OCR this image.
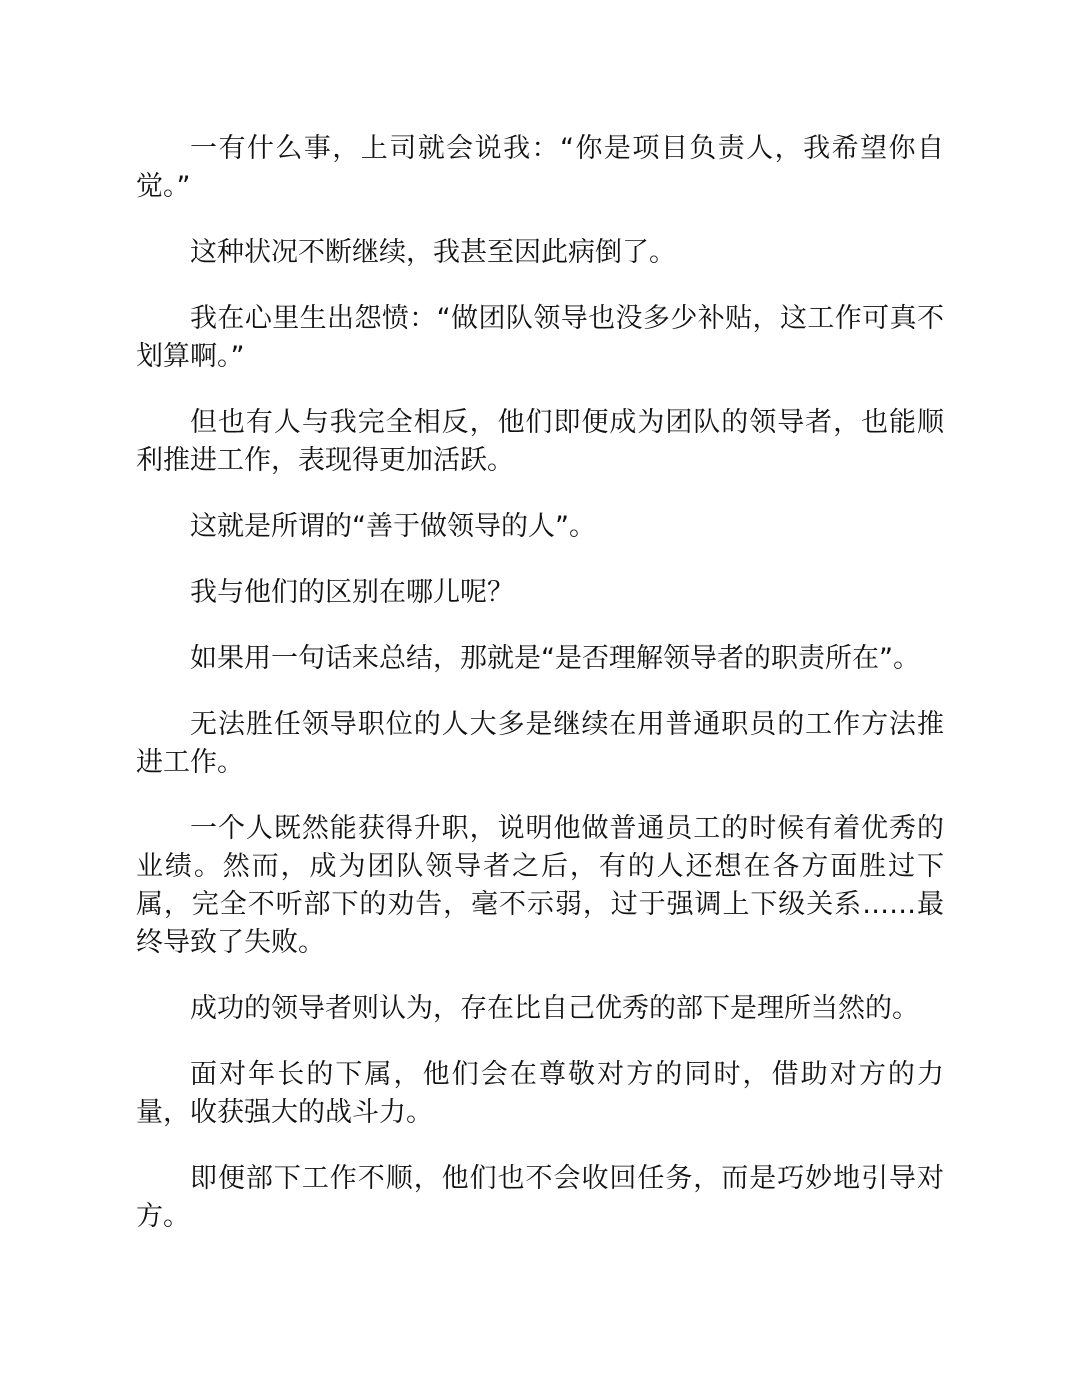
一有什么事，上司就会说我：“你是项目负责人，我希望你自觉。”

这种状况不断继续，我甚至因此病倒了。

我在心里生出怨愤：“做团队领导也没多少补贴，这工作可真不划算啊。”

但也有人与我完全相反，他们即便成为团队的领导者，也能顺利推进工作，表现得更加活跃。

这就是所谓的“善于做领导的人”。

我与他们的区别在哪儿呢？

如果用一句话来总结，那就是“是否理解领导者的职责所在”。

无法胜任领导职位的人大多是继续在用普通职员的工作方法推进工作。

一个人既然能获得升职，说明他做普通员工的时候有着优秀的业绩。然而，成为团队领导者之后，有的人还想在各方面胜过下属，完全不听部下的劝告，毫不示弱，过于强调上下级关系……最终导致了失败。

成功的领导者则认为，存在比自己优秀的部下是理所当然的。

面对年长的下属，他们会在尊敬对方的同时，借助对方的力量，收获强大的战斗力。

即便部下工作不顺，他们也不会收回任务，而是巧妙地引导对方。
